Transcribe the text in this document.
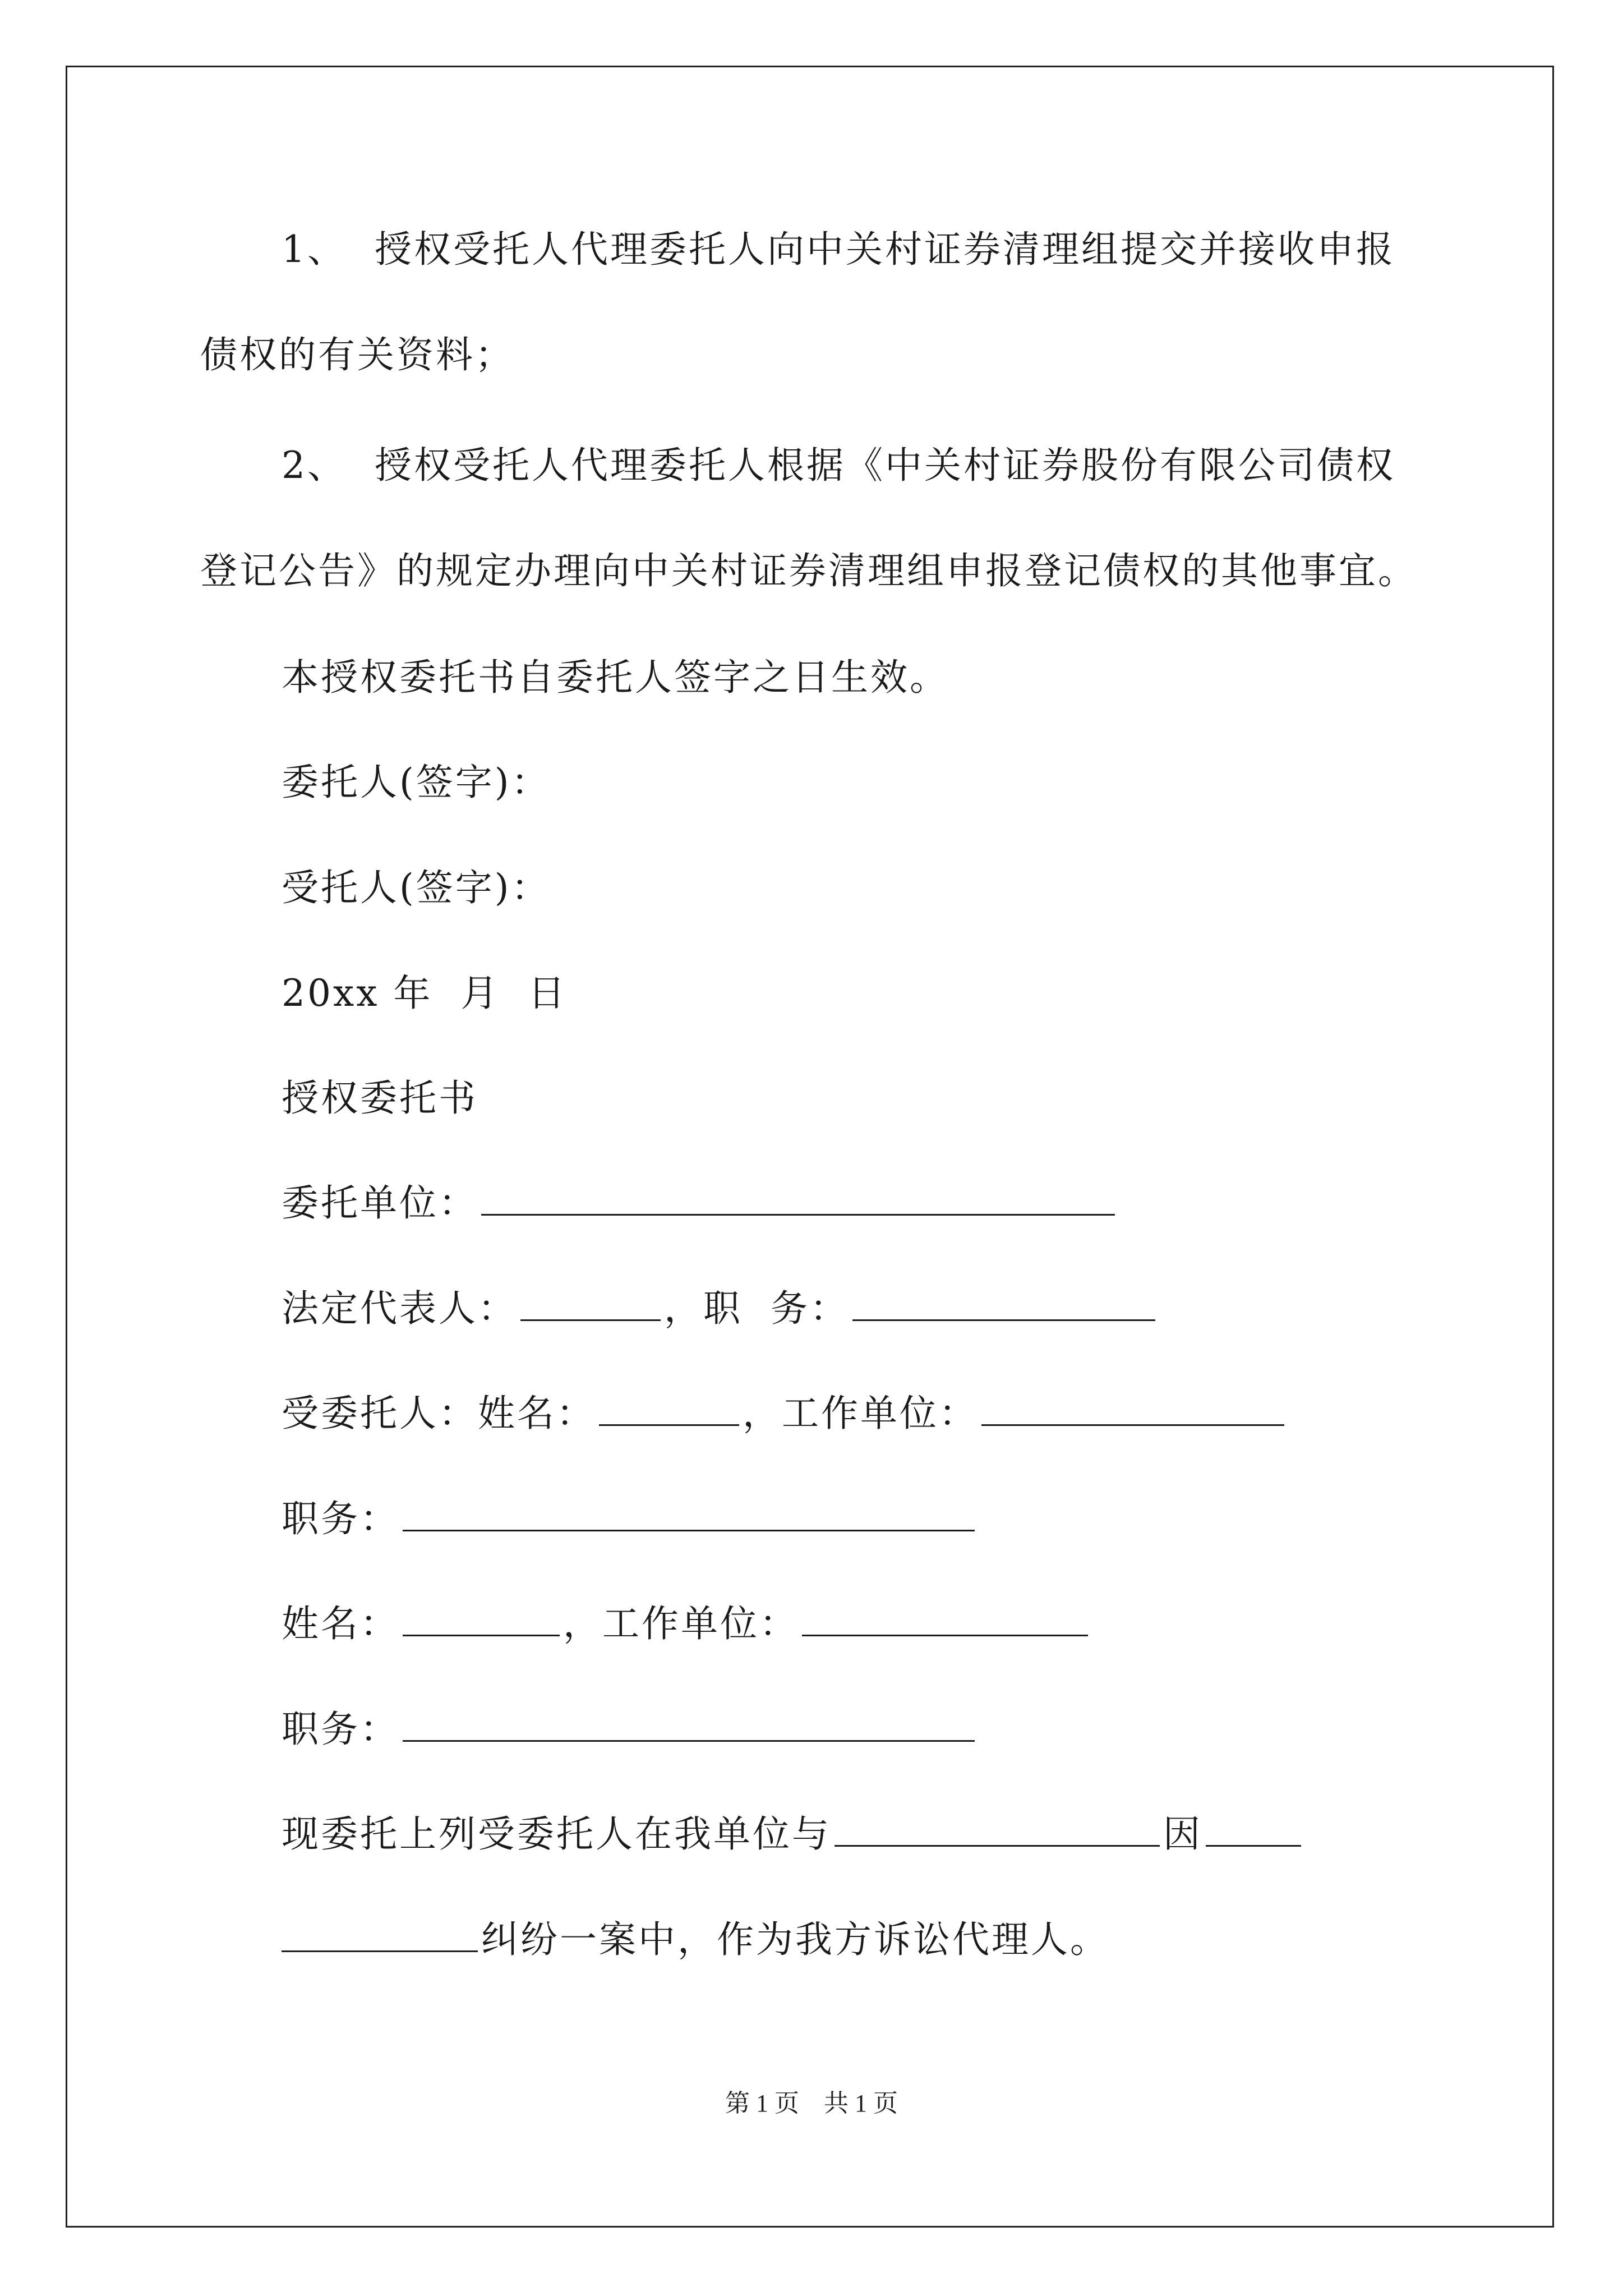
1、  授权受托人代理委托人向中关村证券清理组提交并接收申报
债权的有关资料；
2、  授权受托人代理委托人根据《中关村证券股份有限公司债权
登记公告》的规定办理向中关村证券清理组申报登记债权的其他事宜。
本授权委托书自委托人签字之日生效。
委托人(签字)：
受托人(签字)：
20xx 年  月  日
授权委托书
委托单位：
法定代表人：	，职  务：
受委托人：姓名：	，工作单位：
职务：
姓名：	，工作单位：
职务：
现委托上列受委托人在我单位与	因
纠纷一案中，作为我方诉讼代理人。
第 1 页    共 1 页
